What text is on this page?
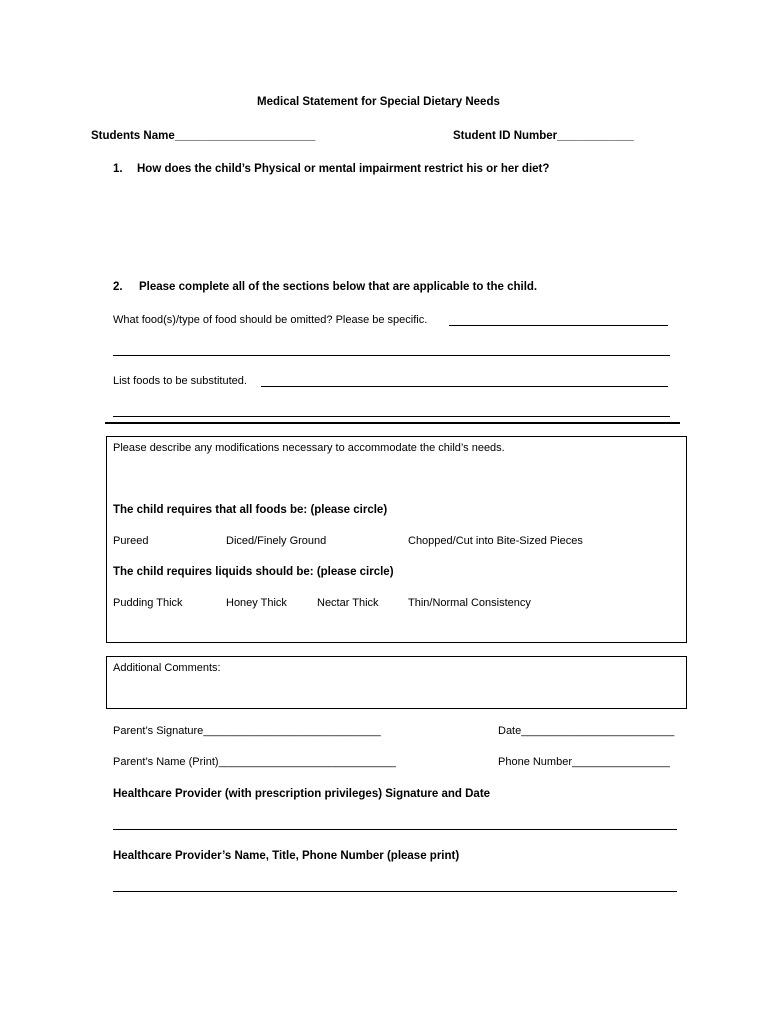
Medical Statement for Special Dietary Needs
Students Name______________________	Student ID Number____________
1. How does the child’s Physical or mental impairment restrict his or her diet?
2. Please complete all of the sections below that are applicable to the child.
What food(s)/type of food should be omitted? Please be specific.
List foods to be substituted.
Please describe any modifications necessary to accommodate the child’s needs.
The child requires that all foods be: (please circle)
Pureed	Diced/Finely Ground	Chopped/Cut into Bite-Sized Pieces
The child requires liquids should be: (please circle)
Pudding Thick	Honey Thick	Nectar Thick	Thin/Normal Consistency
Additional Comments:
Parent’s Signature_____________________________	Date_________________________
Parent’s Name (Print)_____________________________	Phone Number________________
Healthcare Provider (with prescription privileges) Signature and Date
Healthcare Provider’s Name, Title, Phone Number (please print)
